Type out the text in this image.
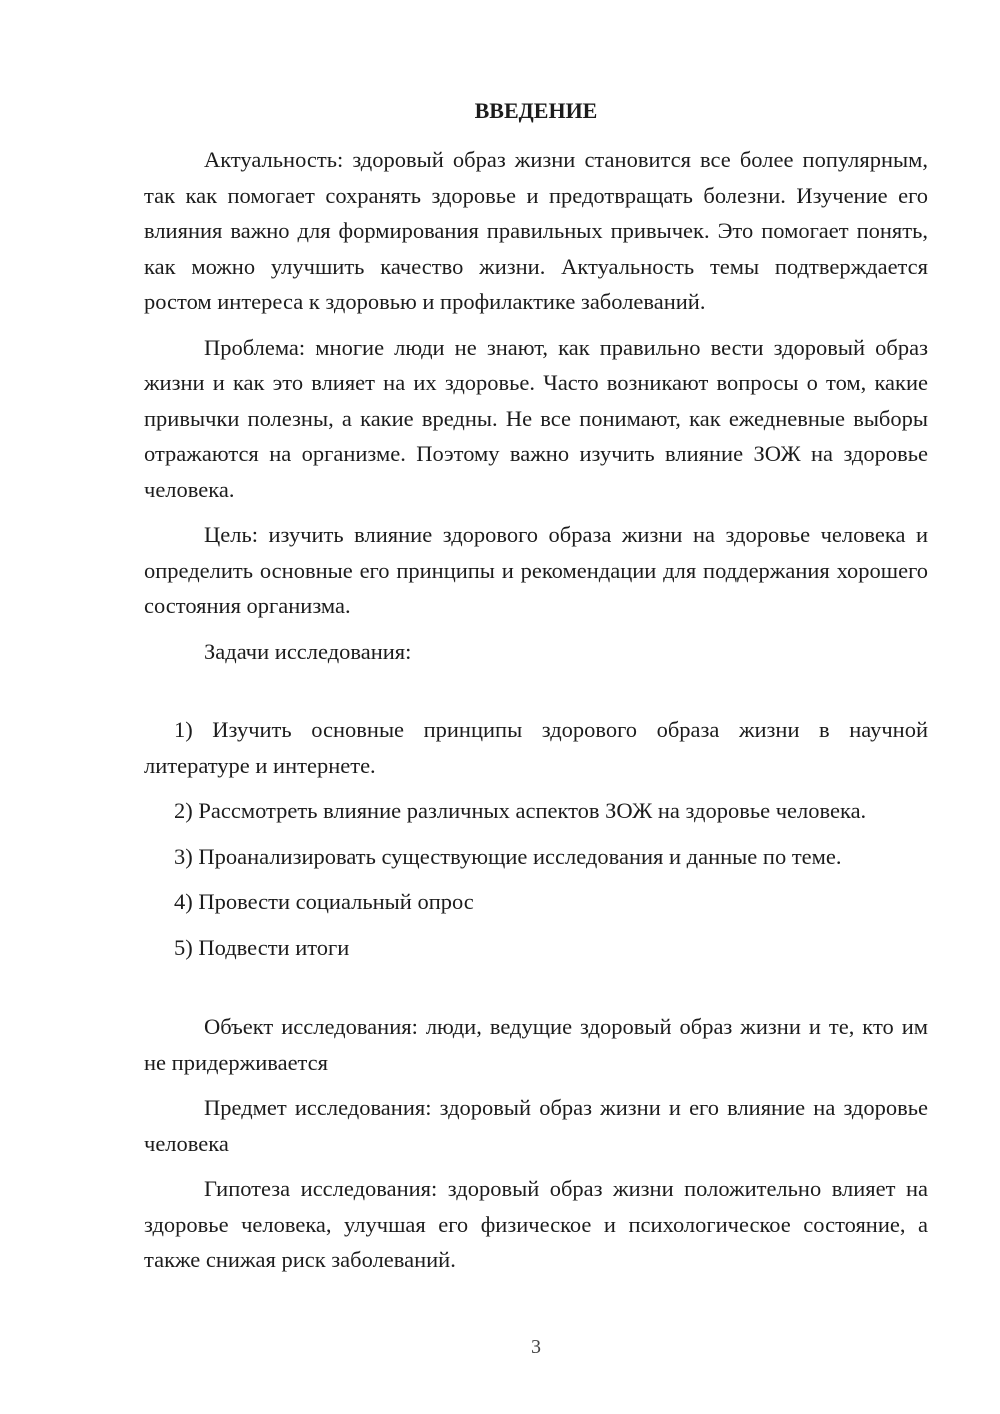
ВВЕДЕНИЕ

Актуальность: здоровый образ жизни становится все более популярным, так как помогает сохранять здоровье и предотвращать болезни. Изучение его влияния важно для формирования правильных привычек. Это помогает понять, как можно улучшить качество жизни. Актуальность темы подтверждается ростом интереса к здоровью и профилактике заболеваний.

Проблема: многие люди не знают, как правильно вести здоровый образ жизни и как это влияет на их здоровье. Часто возникают вопросы о том, какие привычки полезны, а какие вредны. Не все понимают, как ежедневные выборы отражаются на организме. Поэтому важно изучить влияние ЗОЖ на здоровье человека.

Цель: изучить влияние здорового образа жизни на здоровье человека и определить основные его принципы и рекомендации для поддержания хорошего состояния организма.

Задачи исследования:

1) Изучить основные принципы здорового образа жизни в научной литературе и интернете.

2) Рассмотреть влияние различных аспектов ЗОЖ на здоровье человека.

3) Проанализировать существующие исследования и данные по теме.

4) Провести социальный опрос

5) Подвести итоги

Объект исследования: люди, ведущие здоровый образ жизни и те, кто им не придерживается

Предмет исследования: здоровый образ жизни и его влияние на здоровье человека

Гипотеза исследования: здоровый образ жизни положительно влияет на здоровье человека, улучшая его физическое и психологическое состояние, а также снижая риск заболеваний.

3
